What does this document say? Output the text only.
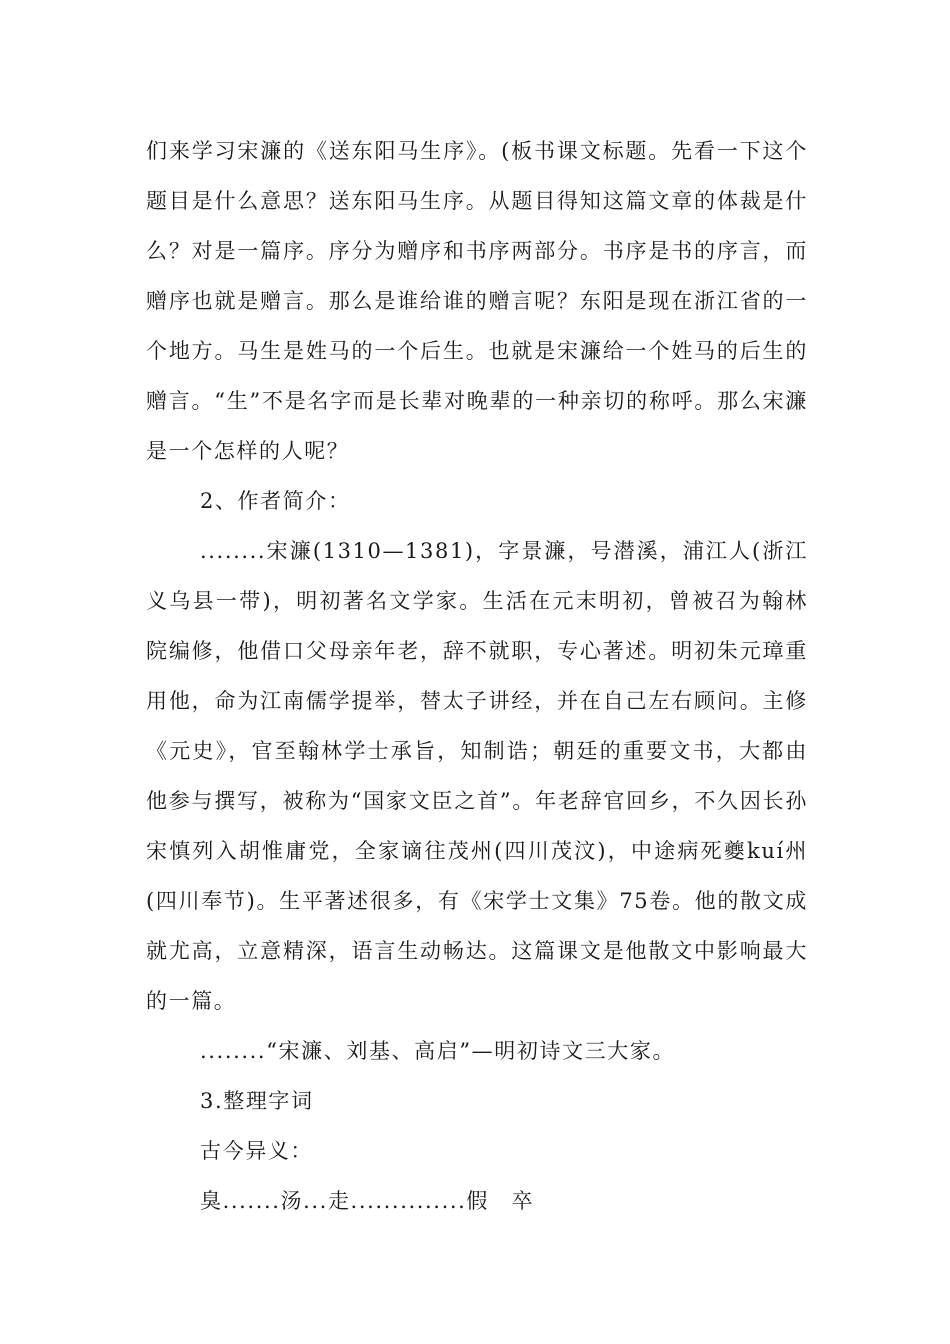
们来学习宋濂的《送东阳马生序》。(板书课文标题。先看一下这个题目是什么意思？送东阳马生序。从题目得知这篇文章的体裁是什么？对是一篇序。序分为赠序和书序两部分。书序是书的序言，而赠序也就是赠言。那么是谁给谁的赠言呢？东阳是现在浙江省的一个地方。马生是姓马的一个后生。也就是宋濂给一个姓马的后生的赠言。“生”不是名字而是长辈对晚辈的一种亲切的称呼。那么宋濂是一个怎样的人呢？

2、作者简介：

........宋濂(1310—1381)，字景濂，号潜溪，浦江人(浙江义乌县一带)，明初著名文学家。生活在元末明初，曾被召为翰林院编修，他借口父母亲年老，辞不就职，专心著述。明初朱元璋重用他，命为江南儒学提举，替太子讲经，并在自己左右顾问。主修《元史》，官至翰林学士承旨，知制诰；朝廷的重要文书，大都由他参与撰写，被称为“国家文臣之首”。年老辞官回乡，不久因长孙宋慎列入胡惟庸党，全家谪往茂州(四川茂汶)，中途病死夔kuí州(四川奉节)。生平著述很多，有《宋学士文集》75卷。他的散文成就尤高，立意精深，语言生动畅达。这篇课文是他散文中影响最大的一篇。

........“宋濂、刘基、高启”—明初诗文三大家。

3.整理字词

古今异义：

臭.......汤...走..............假　卒
